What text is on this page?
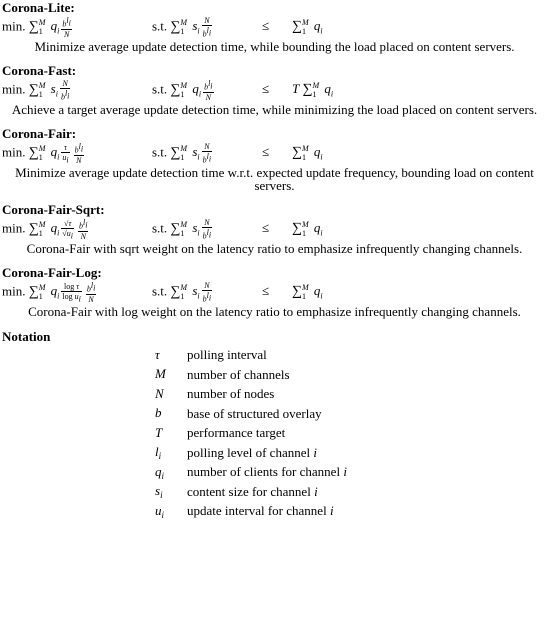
Corona-Lite:
min. ∑ M
1 $q_i \frac{b^{l_i}}{N}$	s.t. ∑ M
1 $s_i \frac{N}{b^{l_i}}$	≤ ∑ M
1 $q_i$
Minimize average update detection time, while bounding the load placed on content servers.
Corona-Fast:
min. ∑ M
1 $s_i \frac{N}{b^{l_i}}$	s.t. ∑ M
1 $q_i \frac{b^{l_i}}{N}$	≤ T ∑ M
1 $q_i$
Achieve a target average update detection time, while minimizing the load placed on content servers.
Corona-Fair:
min. ∑ M
1 $q_i \frac{\tau}{u_i} \frac{b^{l_i}}{N}$	s.t. ∑ M
1 $s_i \frac{N}{b^{l_i}}$	≤ ∑ M
1 $q_i$
Minimize average update detection time w.r.t. expected update frequency, bounding load on content servers.
Corona-Fair-Sqrt:
min. ∑ M
1 $q_i \frac{√\tau}{√u_i} \frac{b^{l_i}}{N}$	s.t. ∑ M
1 $s_i \frac{N}{b^{l_i}}$	≤ ∑ M
1 $q_i$
Corona-Fair with sqrt weight on the latency ratio to emphasize infrequently changing channels.
Corona-Fair-Log:
min. ∑ M
1 $q_i \frac{\text{log τ}}{\log u_i} \frac{b^{l_i}}{N}$	s.t. ∑ M
1 $s_i \frac{N}{b^{l_i}}$	≤ ∑ M
1 $q_i$
Corona-Fair with log weight on the latency ratio to emphasize infrequently changing channels.
Notation
τ	polling interval
M	number of channels
N	number of nodes
b	base of structured overlay
T	performance target
$l_i$	polling level of channel i
$q_i$	number of clients for channel i
$s_i$	content size for channel i
$u_i$	update interval for channel i
